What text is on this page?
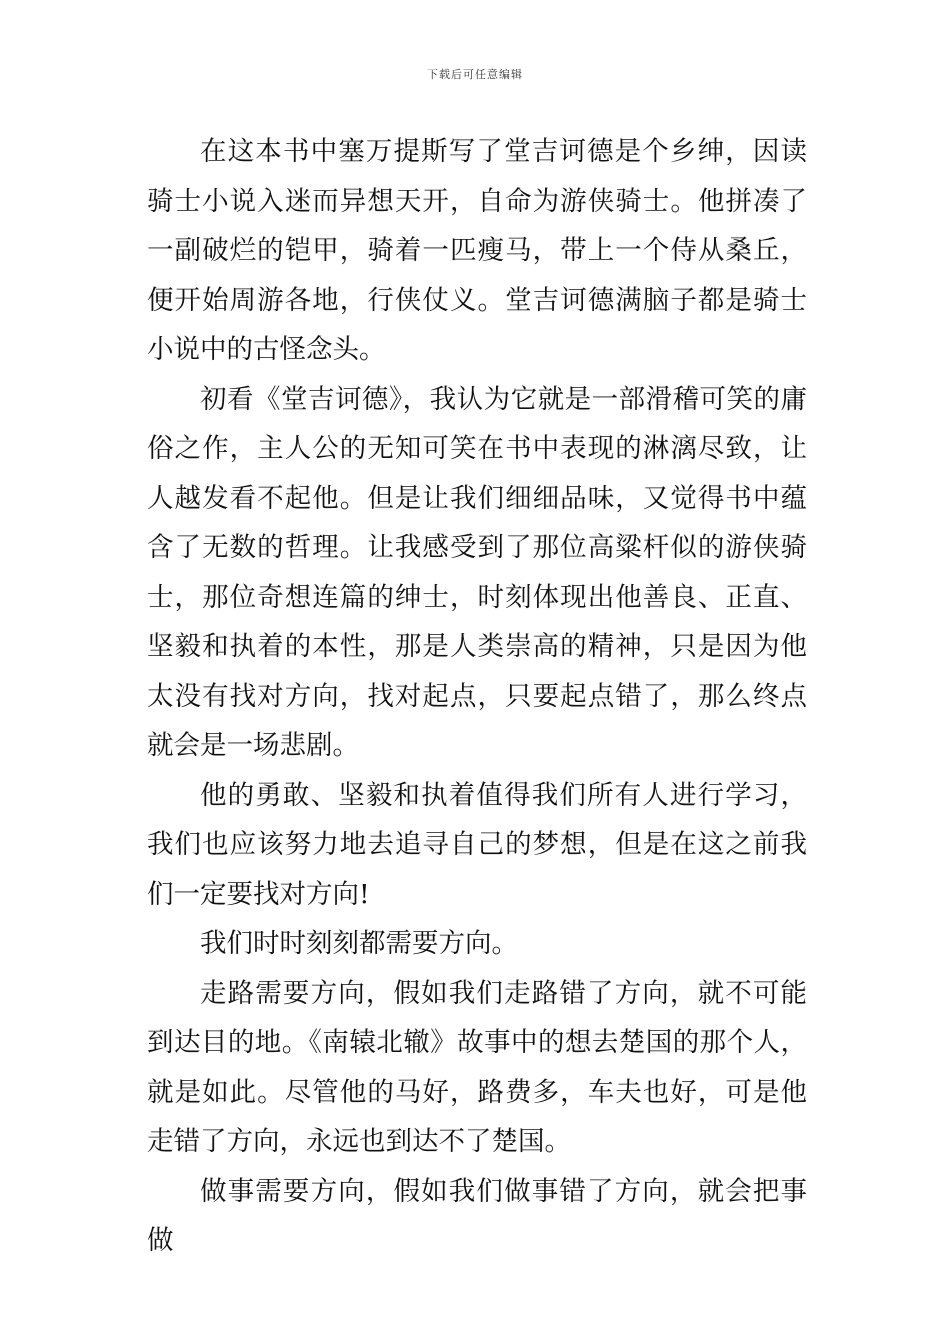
下载后可任意编辑

在这本书中塞万提斯写了堂吉诃德是个乡绅，因读骑士小说入迷而异想天开，自命为游侠骑士。他拼凑了一副破烂的铠甲，骑着一匹瘦马，带上一个侍从桑丘，便开始周游各地，行侠仗义。堂吉诃德满脑子都是骑士小说中的古怪念头。

初看《堂吉诃德》，我认为它就是一部滑稽可笑的庸俗之作，主人公的无知可笑在书中表现的淋漓尽致，让人越发看不起他。但是让我们细细品味，又觉得书中蕴含了无数的哲理。让我感受到了那位高粱杆似的游侠骑士，那位奇想连篇的绅士，时刻体现出他善良、正直、坚毅和执着的本性，那是人类崇高的精神，只是因为他太没有找对方向，找对起点，只要起点错了，那么终点就会是一场悲剧。

他的勇敢、坚毅和执着值得我们所有人进行学习，我们也应该努力地去追寻自己的梦想，但是在这之前我们一定要找对方向!

我们时时刻刻都需要方向。

走路需要方向，假如我们走路错了方向，就不可能到达目的地。《南辕北辙》故事中的想去楚国的那个人，就是如此。尽管他的马好，路费多，车夫也好，可是他走错了方向，永远也到达不了楚国。

做事需要方向，假如我们做事错了方向，就会把事做
